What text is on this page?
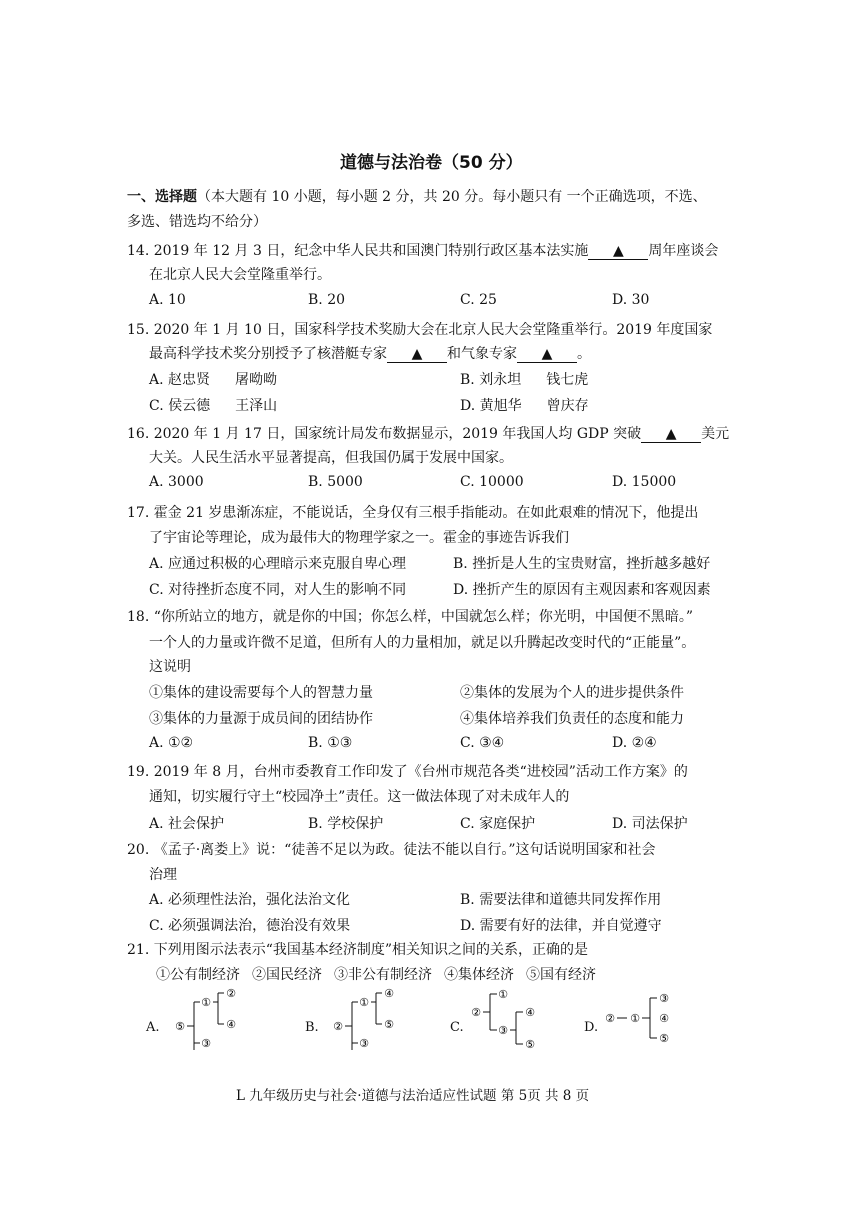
道德与法治卷（50 分）
一、选择题（本大题有 10 小题，每小题 2 分，共 20 分。每小题只有 一个正确选项，不选、
多选、错选均不给分）
14. 2019 年 12 月 3 日，纪念中华人民共和国澳门特别行政区基本法实施 ▲ 周年座谈会
在北京人民大会堂隆重举行。
A. 10	B. 20	C. 25	D. 30
15. 2020 年 1 月 10 日，国家科学技术奖励大会在北京人民大会堂隆重举行。2019 年度国家
最高科学技术奖分别授予了核潜艇专家 ▲ 和气象专家 ▲ 。
A. 赵忠贤 屠呦呦	B. 刘永坦 钱七虎
C. 侯云德 王泽山	D. 黄旭华 曾庆存
16. 2020 年 1 月 17 日，国家统计局发布数据显示，2019 年我国人均 GDP 突破 ▲ 美元
大关。人民生活水平显著提高，但我国仍属于发展中国家。
A. 3000	B. 5000	C. 10000	D. 15000
17. 霍金 21 岁患渐冻症，不能说话，全身仅有三根手指能动。在如此艰难的情况下，他提出
了宇宙论等理论，成为最伟大的物理学家之一。霍金的事迹告诉我们
A. 应通过积极的心理暗示来克服自卑心理	B. 挫折是人生的宝贵财富，挫折越多越好
C. 对待挫折态度不同，对人生的影响不同	D. 挫折产生的原因有主观因素和客观因素
18. “你所站立的地方，就是你的中国；你怎么样，中国就怎么样；你光明，中国便不黑暗。”
一个人的力量或许微不足道，但所有人的力量相加，就足以升腾起改变时代的“正能量”。
这说明
①集体的建设需要每个人的智慧力量	②集体的发展为个人的进步提供条件
③集体的力量源于成员间的团结协作	④集体培养我们负责任的态度和能力
A. ①②	B. ①③	C. ③④	D. ②④
19. 2019 年 8 月，台州市委教育工作印发了《台州市规范各类“进校园”活动工作方案》的
通知，切实履行守土“校园净土”责任。这一做法体现了对未成年人的
A. 社会保护	B. 学校保护	C. 家庭保护	D. 司法保护
20. 《孟子·离娄上》说：“徒善不足以为政。徒法不能以自行。”这句话说明国家和社会
治理
A. 必须理性法治，强化法治文化	B. 需要法律和道德共同发挥作用
C. 必须强调法治，德治没有效果	D. 需要有好的法律，并自觉遵守
21. 下列用图示法表示“我国基本经济制度”相关知识之间的关系，正确的是
①公有制经济 ②国民经济 ③非公有制经济 ④集体经济 ⑤国有经济
A. ⑤
①
③
②
④	B. ②
①
③
④
⑤	C.
②
①
③
④
⑤
D.
② ①
③
④
⑤
L 九年级历史与社会·道德与法治适应性试题 第 5页 共 8 页
